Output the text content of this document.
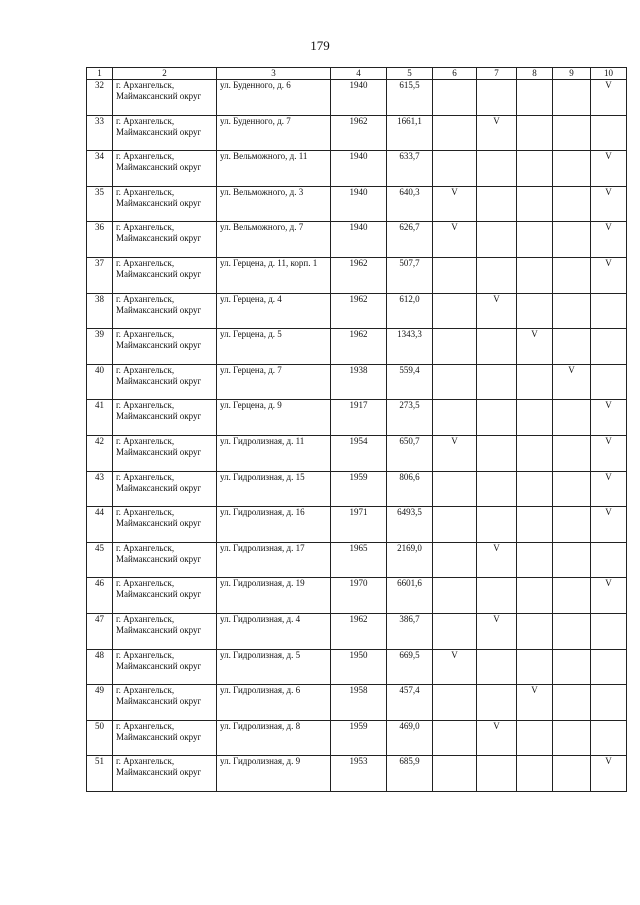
179
1	2	3	4	5	6	7	8	9	10
32	г. Архангельск, Маймаксанский округ	ул. Буденного, д. 6	1940	615,5					V
33	г. Архангельск, Маймаксанский округ	ул. Буденного, д. 7	1962	1661,1		V			
34	г. Архангельск, Маймаксанский округ	ул. Вельможного, д. 11	1940	633,7					V
35	г. Архангельск, Маймаксанский округ	ул. Вельможного, д. 3	1940	640,3	V				V
36	г. Архангельск, Маймаксанский округ	ул. Вельможного, д. 7	1940	626,7	V				V
37	г. Архангельск, Маймаксанский округ	ул. Герцена, д. 11, корп. 1	1962	507,7					V
38	г. Архангельск, Маймаксанский округ	ул. Герцена, д. 4	1962	612,0		V			
39	г. Архангельск, Маймаксанский округ	ул. Герцена, д. 5	1962	1343,3			V		
40	г. Архангельск, Маймаксанский округ	ул. Герцена, д. 7	1938	559,4				V	
41	г. Архангельск, Маймаксанский округ	ул. Герцена, д. 9	1917	273,5					V
42	г. Архангельск, Маймаксанский округ	ул. Гидролизная, д. 11	1954	650,7	V				V
43	г. Архангельск, Маймаксанский округ	ул. Гидролизная, д. 15	1959	806,6					V
44	г. Архангельск, Маймаксанский округ	ул. Гидролизная, д. 16	1971	6493,5					V
45	г. Архангельск, Маймаксанский округ	ул. Гидролизная, д. 17	1965	2169,0		V			
46	г. Архангельск, Маймаксанский округ	ул. Гидролизная, д. 19	1970	6601,6					V
47	г. Архангельск, Маймаксанский округ	ул. Гидролизная, д. 4	1962	386,7		V			
48	г. Архангельск, Маймаксанский округ	ул. Гидролизная, д. 5	1950	669,5	V				
49	г. Архангельск, Маймаксанский округ	ул. Гидролизная, д. 6	1958	457,4			V		
50	г. Архангельск, Маймаксанский округ	ул. Гидролизная, д. 8	1959	469,0		V			
51	г. Архангельск, Маймаксанский округ	ул. Гидролизная, д. 9	1953	685,9					V
